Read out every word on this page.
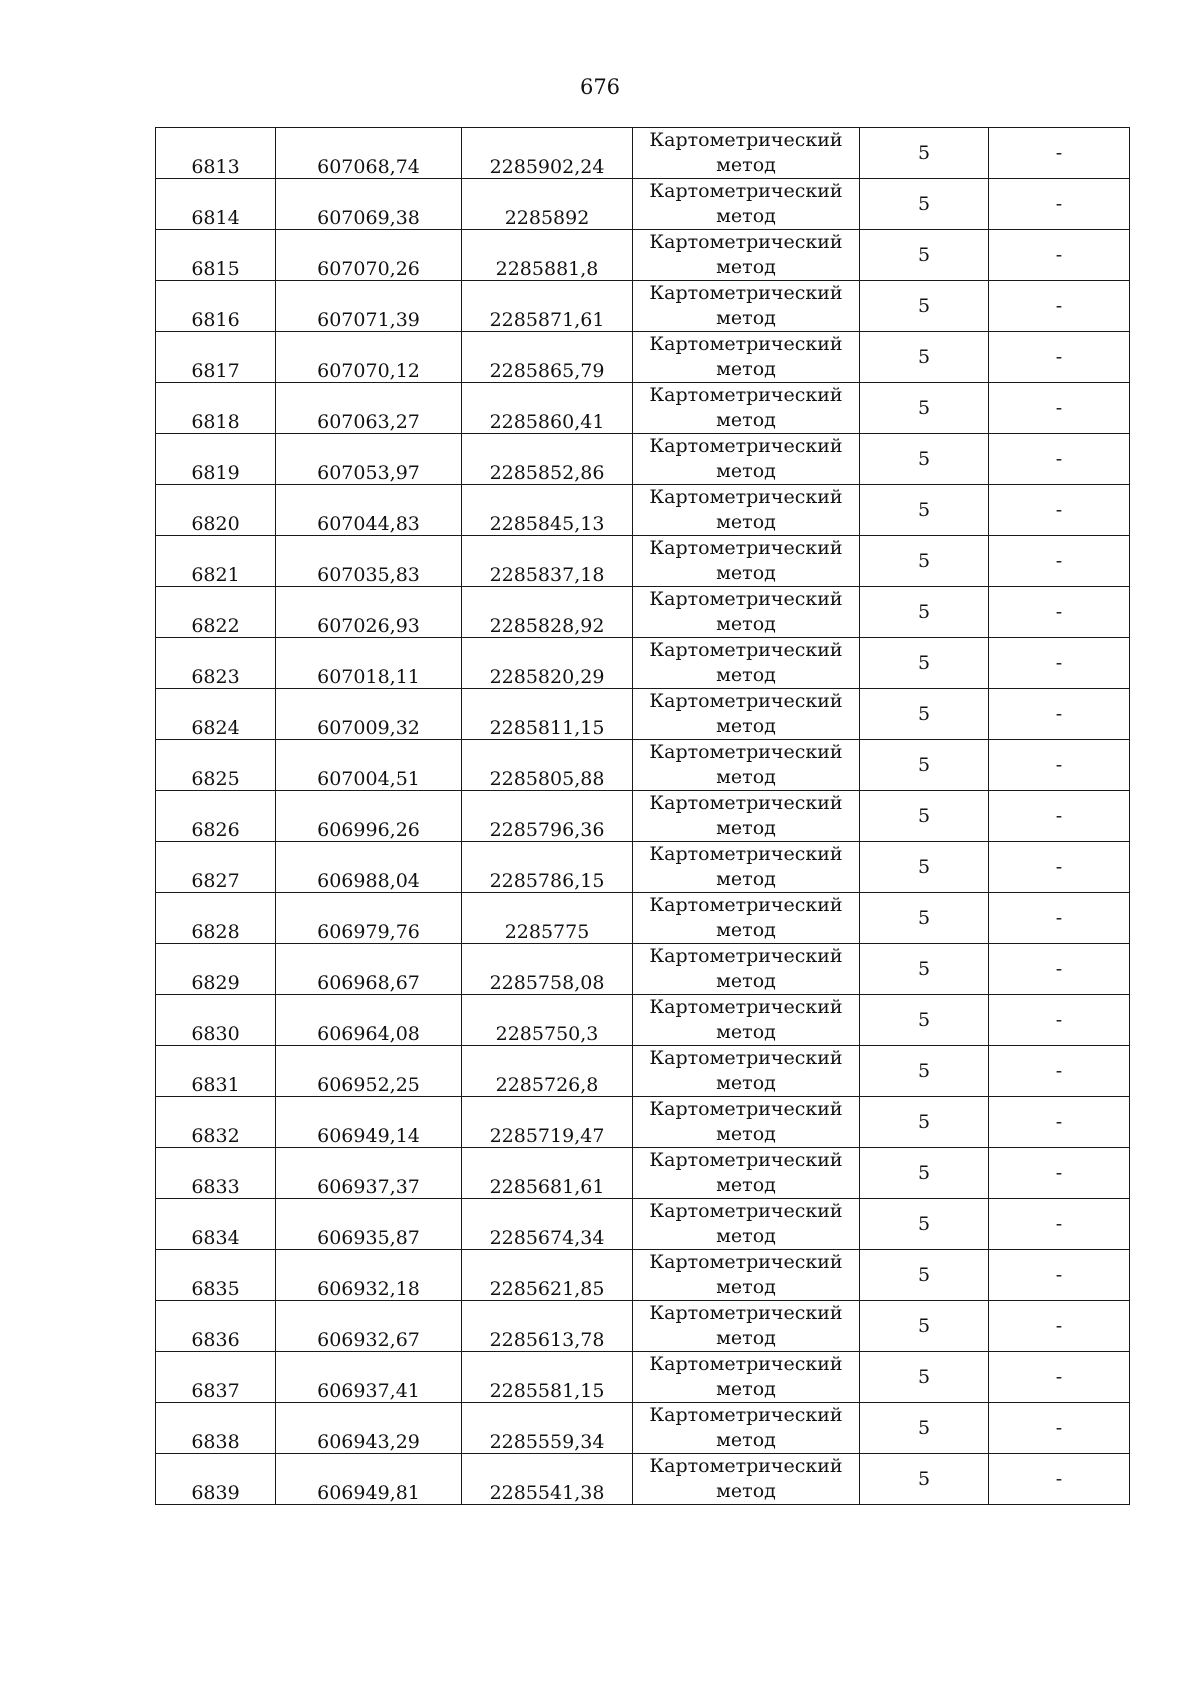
676
6813	607068,74	2285902,24	Картометрический
метод	5	-
6814	607069,38	2285892	Картометрический
метод	5	-
6815	607070,26	2285881,8	Картометрический
метод	5	-
6816	607071,39	2285871,61	Картометрический
метод	5	-
6817	607070,12	2285865,79	Картометрический
метод	5	-
6818	607063,27	2285860,41	Картометрический
метод	5	-
6819	607053,97	2285852,86	Картометрический
метод	5	-
6820	607044,83	2285845,13	Картометрический
метод	5	-
6821	607035,83	2285837,18	Картометрический
метод	5	-
6822	607026,93	2285828,92	Картометрический
метод	5	-
6823	607018,11	2285820,29	Картометрический
метод	5	-
6824	607009,32	2285811,15	Картометрический
метод	5	-
6825	607004,51	2285805,88	Картометрический
метод	5	-
6826	606996,26	2285796,36	Картометрический
метод	5	-
6827	606988,04	2285786,15	Картометрический
метод	5	-
6828	606979,76	2285775	Картометрический
метод	5	-
6829	606968,67	2285758,08	Картометрический
метод	5	-
6830	606964,08	2285750,3	Картометрический
метод	5	-
6831	606952,25	2285726,8	Картометрический
метод	5	-
6832	606949,14	2285719,47	Картометрический
метод	5	-
6833	606937,37	2285681,61	Картометрический
метод	5	-
6834	606935,87	2285674,34	Картометрический
метод	5	-
6835	606932,18	2285621,85	Картометрический
метод	5	-
6836	606932,67	2285613,78	Картометрический
метод	5	-
6837	606937,41	2285581,15	Картометрический
метод	5	-
6838	606943,29	2285559,34	Картометрический
метод	5	-
6839	606949,81	2285541,38	Картометрический
метод	5	-
